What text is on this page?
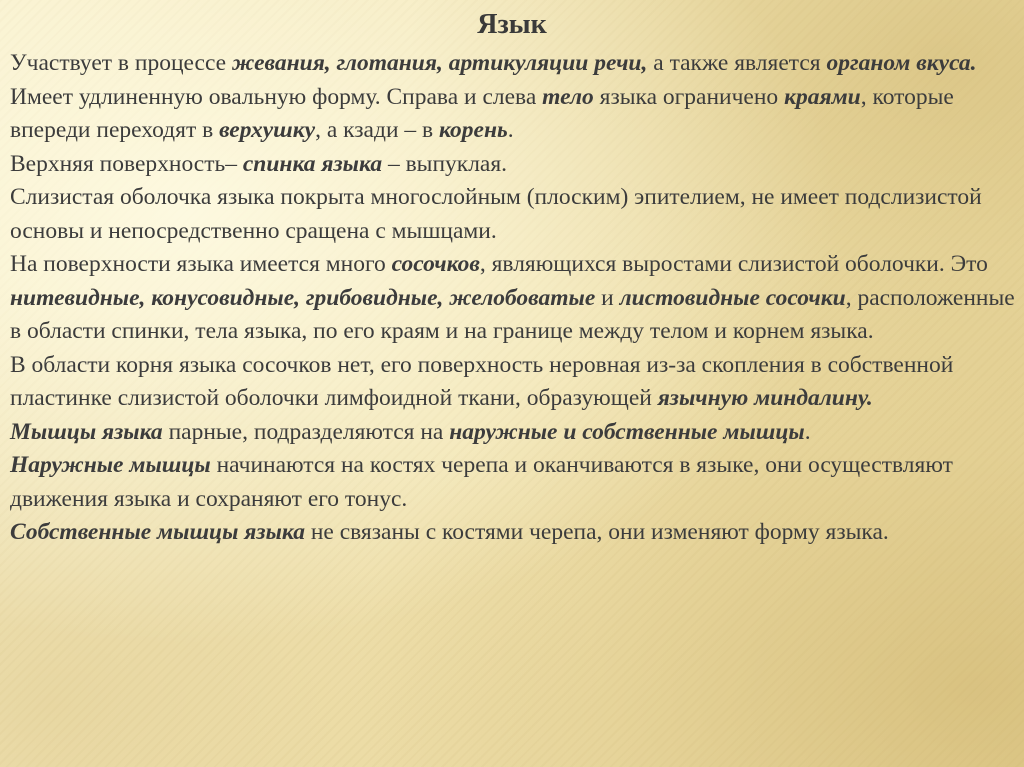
Язык

Участвует в процессе жевания, глотания, артикуляции речи, а также является органом вкуса.

Имеет удлиненную овальную форму. Справа и слева тело языка ограничено краями, которые впереди переходят в верхушку, а кзади – в корень.

Верхняя поверхность– спинка языка – выпуклая.

Слизистая оболочка языка покрыта многослойным (плоским) эпителием, не имеет подслизистой основы и непосредственно сращена с мышцами.

На поверхности языка имеется много сосочков, являющихся выростами слизистой оболочки. Это нитевидные, конусовидные, грибовидные, желобоватые и листовидные сосочки, расположенные в области спинки, тела языка, по его краям и на границе между телом и корнем языка.

В области корня языка сосочков нет, его поверхность неровная из-за скопления в собственной пластинке слизистой оболочки лимфоидной ткани, образующей язычную миндалину.

Мышцы языка парные, подразделяются на наружные и собственные мышцы.

Наружные мышцы начинаются на костях черепа и оканчиваются в языке, они осуществляют движения языка и сохраняют его тонус.

Собственные мышцы языка не связаны с костями черепа, они изменяют форму языка.
